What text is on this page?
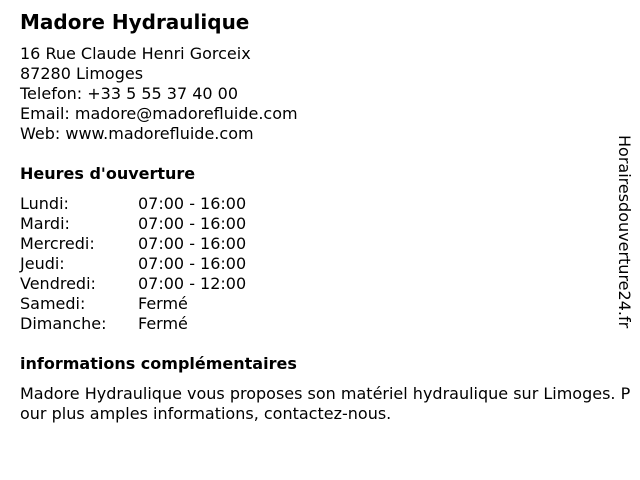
Madore Hydraulique
16 Rue Claude Henri Gorceix
87280 Limoges
Telefon: +33 5 55 37 40 00
Email: madore@madorefluide.com
Web: www.madorefluide.com
Heures d'ouverture
Lundi:	07:00 - 16:00
Mardi:	07:00 - 16:00
Mercredi:	07:00 - 16:00
Jeudi:	07:00 - 16:00
Vendredi:	07:00 - 12:00
Samedi:	Fermé
Dimanche: Fermé
informations complémentaires

Madore Hydraulique vous proposes son matériel hydraulique sur Limoges. Pour plus amples informations, contactez-nous.

Horairesdouverture24.fr
